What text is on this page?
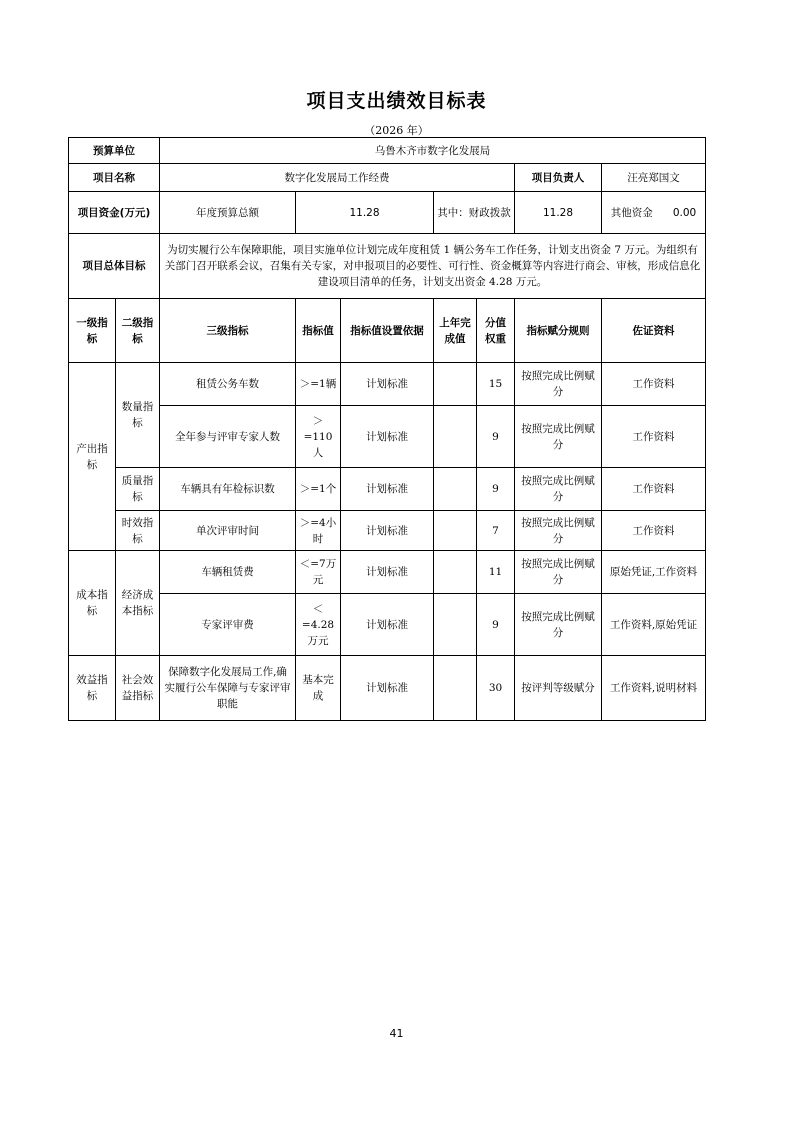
项目支出绩效目标表
（2026 年）
预算单位		乌鲁木齐市数字化发展局						
项目名称		数字化发展局工作经费					项目负责人	汪亮郑国文
项目资金(万元)		年度预算总额	11.28		其中：财政拨款		11.28	其他资金 0.00
项目总体目标		为切实履行公车保障职能，项目实施单位计划完成年度租赁 1 辆公务车工作任务，计划支出资金 7 万元。为组织有关部门召开联系会议，召集有关专家，对申报项目的必要性、可行性、资金概算等内容进行商会、审核，形成信息化建设项目清单的任务，计划支出资金 4.28 万元。						
一级指标	二级指标	三级指标	指标值	指标值设置依据	上年完成值	分值权重	指标赋分规则	佐证资料
产出指标	数量指标	租赁公务车数	＞=1辆	计划标准		15	按照完成比例赋分	工作资料
		全年参与评审专家人数	＞=110人	计划标准		9	按照完成比例赋分	工作资料
	质量指标	车辆具有年检标识数	＞=1个	计划标准		9	按照完成比例赋分	工作资料
	时效指标	单次评审时间	＞=4小时	计划标准		7	按照完成比例赋分	工作资料
成本指标	经济成本指标	车辆租赁费	＜=7万元	计划标准		11	按照完成比例赋分	原始凭证,工作资料
		专家评审费	＜=4.28万元	计划标准		9	按照完成比例赋分	工作资料,原始凭证
效益指标	社会效益指标	保障数字化发展局工作,确实履行公车保障与专家评审职能	基本完成	计划标准		30	按评判等级赋分	工作资料,说明材料
41
